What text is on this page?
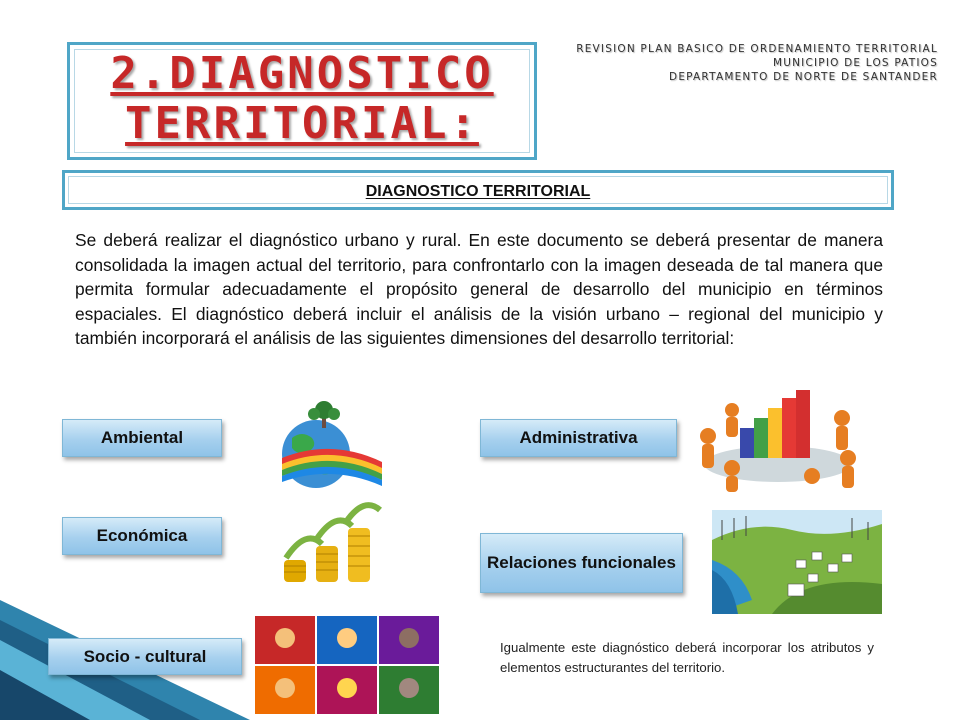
2.DIAGNOSTICO
TERRITORIAL:
REVISION PLAN BASICO DE ORDENAMIENTO TERRITORIAL
MUNICIPIO DE LOS PATIOS
DEPARTAMENTO DE NORTE DE SANTANDER
DIAGNOSTICO TERRITORIAL
Se deberá realizar el diagnóstico urbano y rural. En este documento se deberá presentar de manera consolidada la imagen actual del territorio, para confrontarlo con la imagen deseada de tal manera que permita formular adecuadamente el propósito general de desarrollo del municipio en términos espaciales. El diagnóstico deberá incluir el análisis de la visión urbano – regional del municipio y también incorporará el análisis de las siguientes dimensiones del desarrollo territorial:
Ambiental
Económica
Socio - cultural
Administrativa
Relaciones funcionales
Igualmente este diagnóstico deberá incorporar los atributos y elementos estructurantes del territorio.
